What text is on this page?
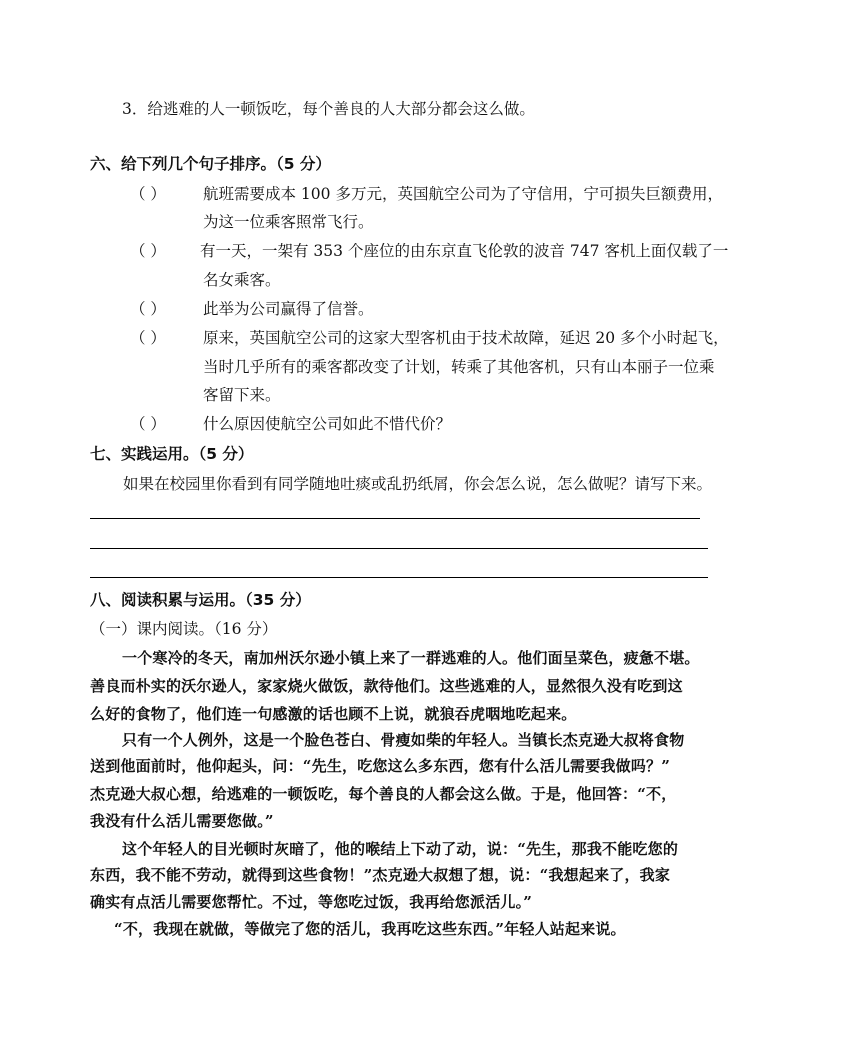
3．给逃难的人一顿饭吃，每个善良的人大部分都会这么做。
六、给下列几个句子排序。（5 分）
（ ） 航班需要成本 100 多万元，英国航空公司为了守信用，宁可损失巨额费用，
为这一位乘客照常飞行。
（ ） 有一天，一架有 353 个座位的由东京直飞伦敦的波音 747 客机上面仅载了一
名女乘客。
（ ） 此举为公司赢得了信誉。
（ ） 原来，英国航空公司的这家大型客机由于技术故障，延迟 20 多个小时起飞，
当时几乎所有的乘客都改变了计划，转乘了其他客机，只有山本丽子一位乘
客留下来。
（ ） 什么原因使航空公司如此不惜代价？
七、实践运用。（5 分）
如果在校园里你看到有同学随地吐痰或乱扔纸屑，你会怎么说，怎么做呢？请写下来。
八、阅读积累与运用。（35 分）
（一）课内阅读。（16 分）
一个寒冷的冬天，南加州沃尔逊小镇上来了一群逃难的人。他们面呈菜色，疲惫不堪。
善良而朴实的沃尔逊人，家家烧火做饭，款待他们。这些逃难的人，显然很久没有吃到这
么好的食物了，他们连一句感激的话也顾不上说，就狼吞虎咽地吃起来。
只有一个人例外，这是一个脸色苍白、骨瘦如柴的年轻人。当镇长杰克逊大叔将食物
送到他面前时，他仰起头，问：“先生，吃您这么多东西，您有什么活儿需要我做吗？”
杰克逊大叔心想，给逃难的一顿饭吃，每个善良的人都会这么做。于是，他回答：“不，
我没有什么活儿需要您做。”
这个年轻人的目光顿时灰暗了，他的喉结上下动了动，说：“先生，那我不能吃您的
东西，我不能不劳动，就得到这些食物！”杰克逊大叔想了想，说：“我想起来了，我家
确实有点活儿需要您帮忙。不过，等您吃过饭，我再给您派活儿。”
“不，我现在就做，等做完了您的活儿，我再吃这些东西。”年轻人站起来说。
